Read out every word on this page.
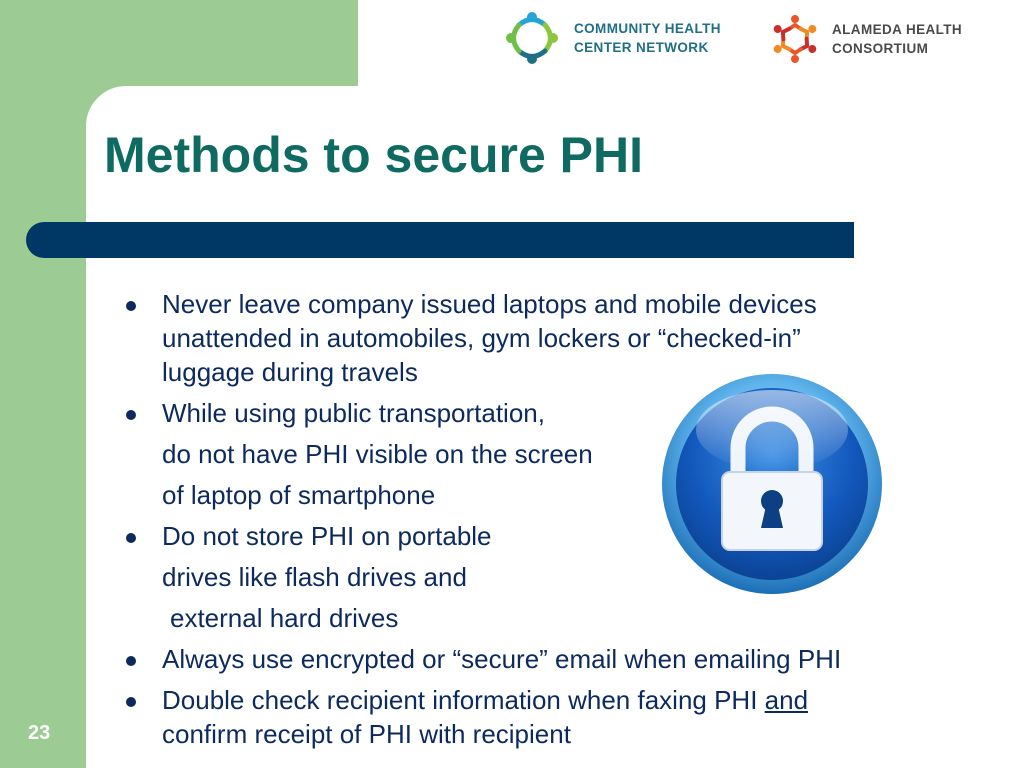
COMMUNITY HEALTH
CENTER NETWORK
ALAMEDA HEALTH
CONSORTIUM
Methods to secure PHI
Never leave company issued laptops and mobile devices
unattended in automobiles, gym lockers or “checked-in”
luggage during travels
While using public transportation,
do not have PHI visible on the screen
of laptop of smartphone
Do not store PHI on portable
drives like flash drives and
external hard drives
Always use encrypted or “secure” email when emailing PHI
Double check recipient information when faxing PHI and
confirm receipt of PHI with recipient
23
